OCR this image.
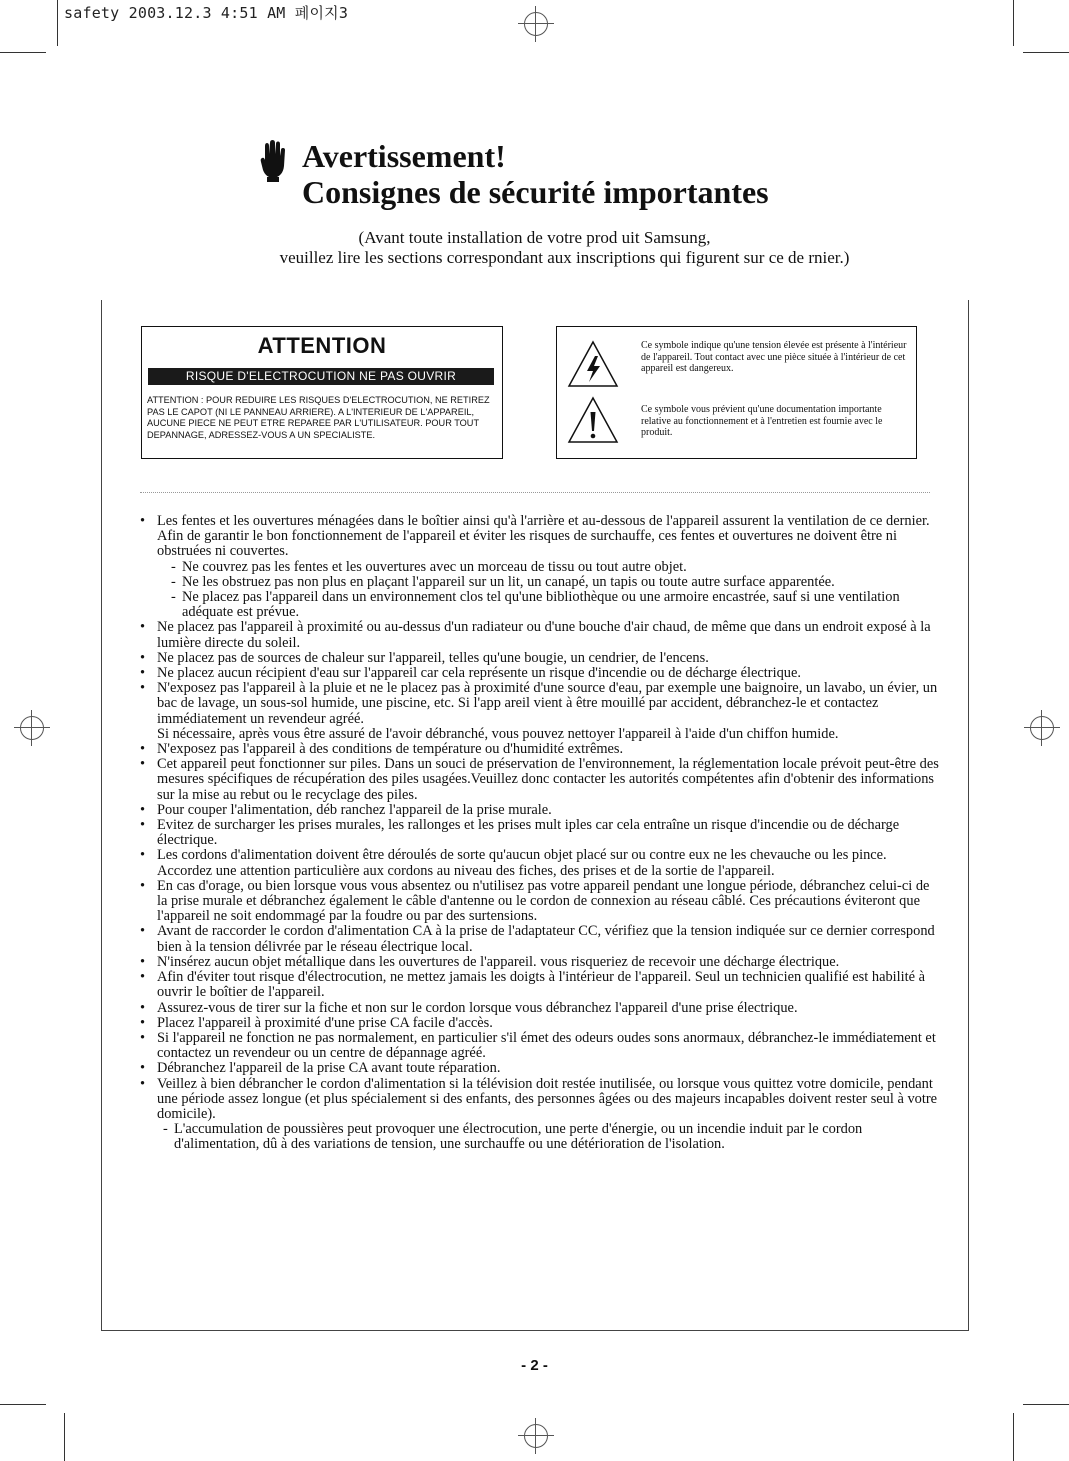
safety 2003.12.3 4:51 AM 페이지3
Avertissement!
Consignes de sécurité importantes
(Avant toute installation de votre prod uit Samsung,
veuillez lire les sections correspondant aux inscriptions qui figurent sur ce de rnier.)
ATTENTION
RISQUE D'ELECTROCUTION NE PAS OUVRIR
ATTENTION : POUR REDUIRE LES RISQUES D'ELECTROCUTION, NE RETIREZ PAS LE CAPOT (NI LE PANNEAU ARRIERE). A L'INTERIEUR DE L'APPAREIL, AUCUNE PIECE NE PEUT ETRE REPAREE PAR L'UTILISATEUR. POUR TOUT DEPANNAGE, ADRESSEZ-VOUS A UN SPECIALISTE.
Ce symbole indique qu'une tension élevée est présente à l'intérieur de l'appareil. Tout contact avec une pièce située à l'intérieur de cet appareil est dangereux.
Ce symbole vous prévient qu'une documentation importante relative au fonctionnement et à l'entretien est fournie avec le produit.
• Les fentes et les ouvertures ménagées dans le boîtier ainsi qu'à l'arrière et au-dessous de l'appareil assurent la ventilation de ce dernier.
Afin de garantir le bon fonctionnement de l'appareil et éviter les risques de surchauffe, ces fentes et ouvertures ne doivent être ni obstruées ni couvertes.
- Ne couvrez pas les fentes et les ouvertures avec un morceau de tissu ou tout autre objet.
- Ne les obstruez pas non plus en plaçant l'appareil sur un lit, un canapé, un tapis ou toute autre surface apparentée.
- Ne placez pas l'appareil dans un environnement clos tel qu'une bibliothèque ou une armoire encastrée, sauf si une ventilation adéquate est prévue.
• Ne placez pas l'appareil à proximité ou au-dessus d'un radiateur ou d'une bouche d'air chaud, de même que dans un endroit exposé à la lumière directe du soleil.
• Ne placez pas de sources de chaleur sur l'appareil, telles qu'une bougie, un cendrier, de l'encens.
• Ne placez aucun récipient d'eau sur l'appareil car cela représente un risque d'incendie ou de décharge électrique.
• N'exposez pas l'appareil à la pluie et ne le placez pas à proximité d'une source d'eau, par exemple une baignoire, un lavabo, un évier, un bac de lavage, un sous-sol humide, une piscine, etc. Si l'app areil vient à être mouillé par accident, débranchez-le et contactez immédiatement un revendeur agréé.
Si nécessaire, après vous être assuré de l'avoir débranché, vous pouvez nettoyer l'appareil à l'aide d'un chiffon humide.
• N'exposez pas l'appareil à des conditions de température ou d'humidité extrêmes.
• Cet appareil peut fonctionner sur piles. Dans un souci de préservation de l'environnement, la réglementation locale prévoit peut-être des mesures spécifiques de récupération des piles usagées.Veuillez donc contacter les autorités compétentes afin d'obtenir des informations sur la mise au rebut ou le recyclage des piles.
• Pour couper l'alimentation, déb ranchez l'appareil de la prise murale.
• Evitez de surcharger les prises murales, les rallonges et les prises mult iples car cela entraîne un risque d'incendie ou de décharge électrique.
• Les cordons d'alimentation doivent être déroulés de sorte qu'aucun objet placé sur ou contre eux ne les chevauche ou les pince. Accordez une attention particulière aux cordons au niveau des fiches, des prises et de la sortie de l'appareil.
• En cas d'orage, ou bien lorsque vous vous absentez ou n'utilisez pas votre appareil pendant une longue période, débranchez celui-ci de la prise murale et débranchez également le câble d'antenne ou le cordon de connexion au réseau câblé. Ces précautions éviteront que l'appareil ne soit endommagé par la foudre ou par des surtensions.
• Avant de raccorder le cordon d'alimentation CA à la prise de l'adaptateur CC, vérifiez que la tension indiquée sur ce dernier correspond bien à la tension délivrée par le réseau électrique local.
• N'insérez aucun objet métallique dans les ouvertures de l'appareil. vous risqueriez de recevoir une décharge électrique.
• Afin d'éviter tout risque d'électrocution, ne mettez jamais les doigts à l'intérieur de l'appareil. Seul un technicien qualifié est habilité à ouvrir le boîtier de l'appareil.
• Assurez-vous de tirer sur la fiche et non sur le cordon lorsque vous débranchez l'appareil d'une prise électrique.
• Placez l'appareil à proximité d'une prise CA facile d'accès.
• Si l'appareil ne fonction ne pas normalement, en particulier s'il émet des odeurs oudes sons anormaux, débranchez-le immédiatement et contactez un revendeur ou un centre de dépannage agréé.
• Débranchez l'appareil de la prise CA avant toute réparation.
• Veillez à bien débrancher le cordon d'alimentation si la télévision doit restée inutilisée, ou lorsque vous quittez votre domicile, pendant une période assez longue (et plus spécialement si des enfants, des personnes âgées ou des majeurs incapables doivent rester seul à votre domicile).
- L'accumulation de poussières peut provoquer une électrocution, une perte d'énergie, ou un incendie induit par le cordon d'alimentation, dû à des variations de tension, une surchauffe ou une détérioration de l'isolation.
- 2 -
